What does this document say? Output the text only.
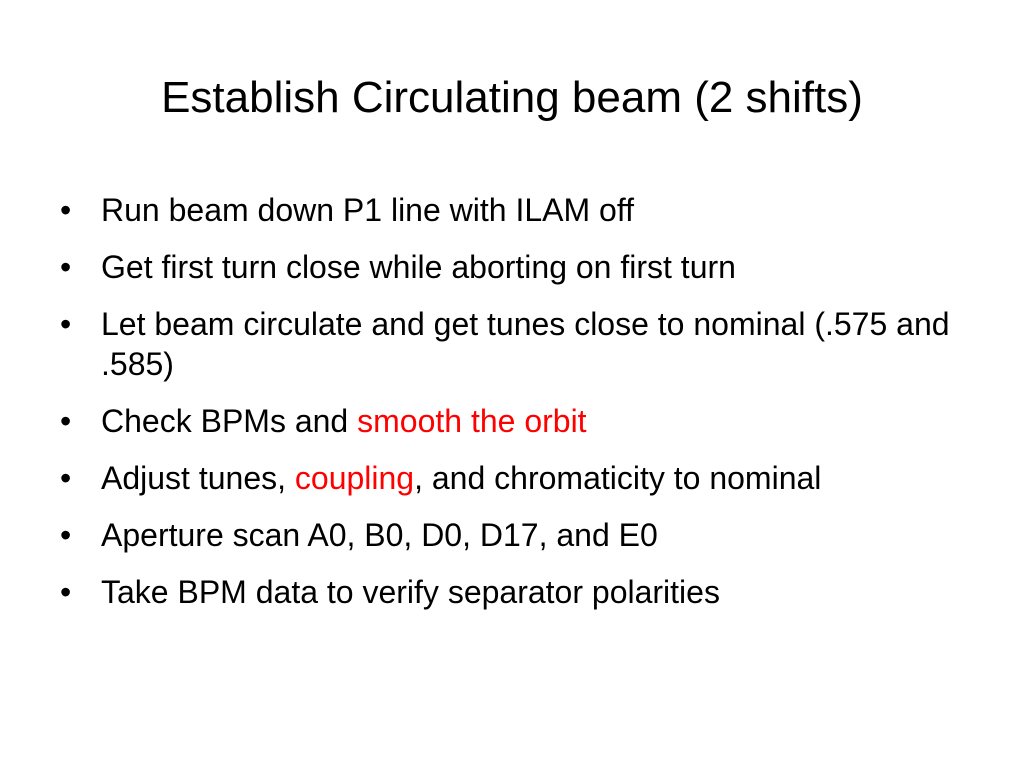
Establish Circulating beam (2 shifts)
• Run beam down P1 line with ILAM off
• Get first turn close while aborting on first turn
• Let beam circulate and get tunes close to nominal (.575 and .585)
• Check BPMs and smooth the orbit
• Adjust tunes, coupling, and chromaticity to nominal
• Aperture scan A0, B0, D0, D17, and E0
• Take BPM data to verify separator polarities
